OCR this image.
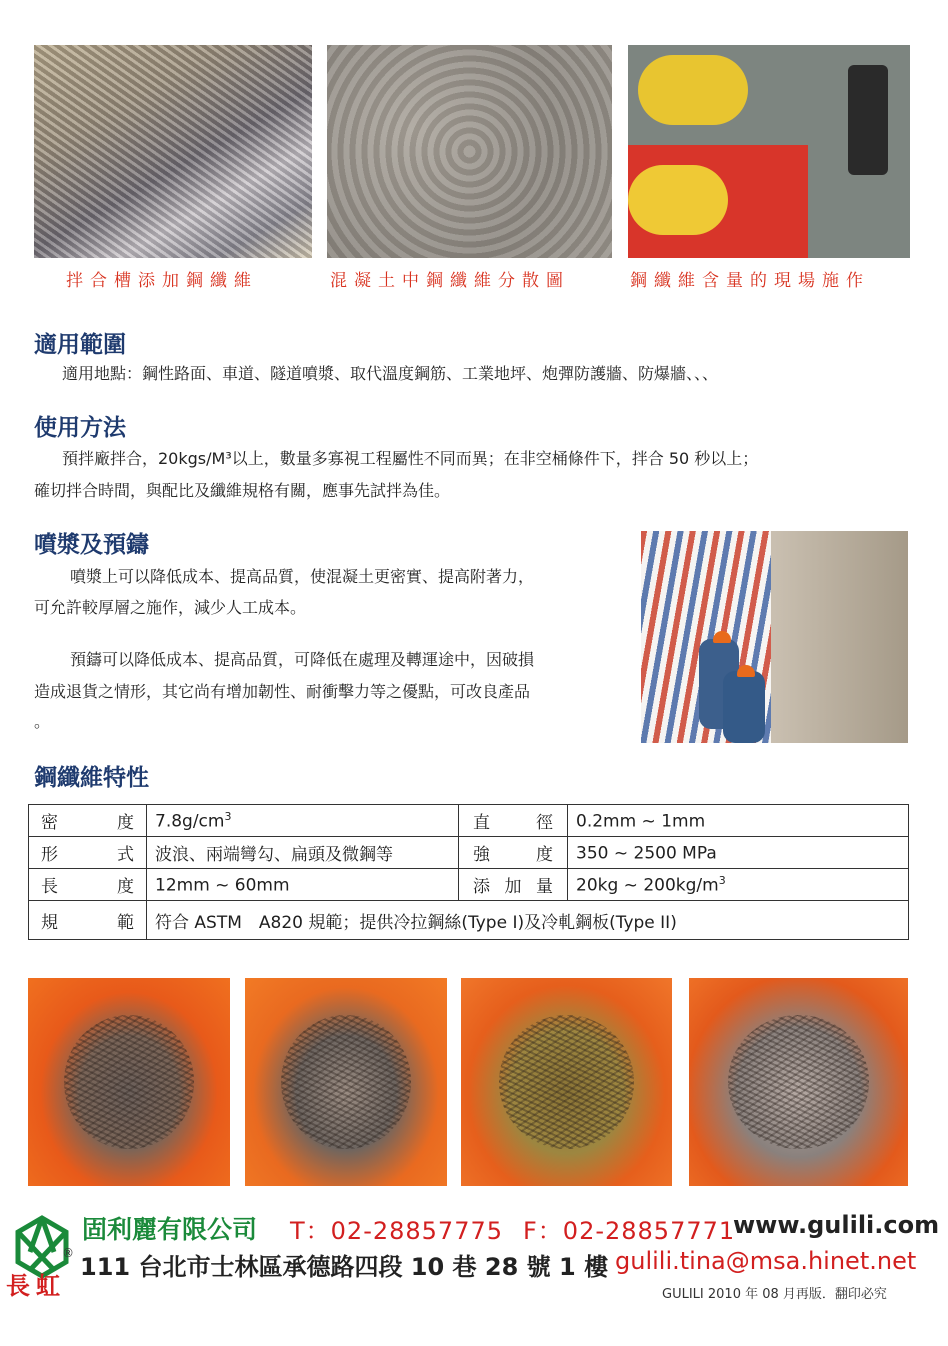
拌合槽添加鋼纖維	混凝土中鋼纖維分散圖	鋼纖維含量的現場施作
適用範圍
適用地點：鋼性路面、車道、隧道噴漿、取代溫度鋼筋、工業地坪、炮彈防護牆、防爆牆、、、
使用方法
預拌廠拌合，20kgs/M³以上，數量多寡視工程屬性不同而異；在非空桶條件下，拌合 50 秒以上；
確切拌合時間，與配比及纖維規格有關，應事先試拌為佳。
噴漿及預鑄
噴漿上可以降低成本、提高品質，使混凝土更密實、提高附著力，
可允許較厚層之施作，減少人工成本。
預鑄可以降低成本、提高品質，可降低在處理及轉運途中，因破損
造成退貨之情形，其它尚有增加韌性、耐衝擊力等之優點，可改良產品
。
鋼纖維特性
密度	$7.8g/cm^3$	直徑	0.2mm ~ 1mm
形式	波浪、兩端彎勾、扁頭及微鋼等	強度	350 ~ 2500 MPa
長度	12mm ~ 60mm	添加量	20kg ~ $200kg/m^3$
規範	符合 ASTM　A820 規範；提供冷拉鋼絲(Type I)及冷軋鋼板(Type II)		
長虹
®
固利麗有限公司 T：02-28857775 F：02-28857771
www.gulili.com
111 台北市士林區承德路四段 10 巷 28 號 1 樓 gulili.tina@msa.hinet.net
GULILI 2010 年 08 月再版．翻印必究
